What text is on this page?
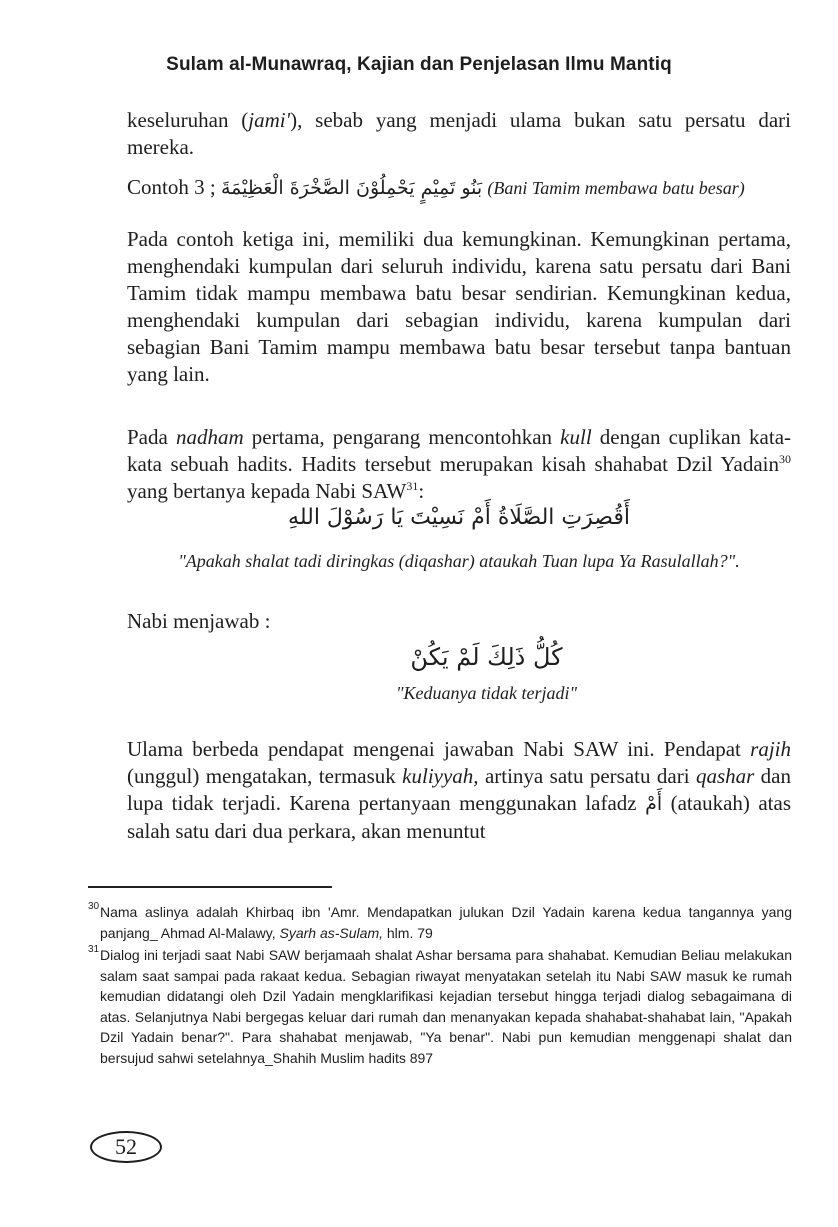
Sulam al-Munawraq, Kajian dan Penjelasan Ilmu Mantiq
keseluruhan (jami'), sebab yang menjadi ulama bukan satu persatu dari mereka.
Contoh 3 ; بَنُو تَمِيْمٍ يَحْمِلُوْنَ الصَّخْرَةَ الْعَظِيْمَةَ (Bani Tamim membawa batu besar)
Pada contoh ketiga ini, memiliki dua kemungkinan. Kemungkinan pertama, menghendaki kumpulan dari seluruh individu, karena satu persatu dari Bani Tamim tidak mampu membawa batu besar sendirian. Kemungkinan kedua, menghendaki kumpulan dari sebagian individu, karena kumpulan dari sebagian Bani Tamim mampu membawa batu besar tersebut tanpa bantuan yang lain.
Pada nadham pertama, pengarang mencontohkan kull dengan cuplikan kata-kata sebuah hadits. Hadits tersebut merupakan kisah shahabat Dzil Yadain$^{30}$ yang bertanya kepada Nabi SAW$^{31}$:
أَقُصِرَتِ الصَّلَاةُ أَمْ نَسِيْتَ يَا رَسُوْلَ اللهِ
"Apakah shalat tadi diringkas (diqashar) ataukah Tuan lupa Ya Rasulallah?".
Nabi menjawab :
كُلُّ ذَلِكَ لَمْ يَكُنْ
"Keduanya tidak terjadi"
Ulama berbeda pendapat mengenai jawaban Nabi SAW ini. Pendapat rajih (unggul) mengatakan, termasuk kuliyyah, artinya satu persatu dari qashar dan lupa tidak terjadi. Karena pertanyaan menggunakan lafadz أَمْ (ataukah) atas salah satu dari dua perkara, akan menuntut
30 Nama aslinya adalah Khirbaq ibn 'Amr. Mendapatkan julukan Dzil Yadain karena kedua tangannya yang panjang_ Ahmad Al-Malawy, Syarh as-Sulam, hlm. 79
31 Dialog ini terjadi saat Nabi SAW berjamaah shalat Ashar bersama para shahabat. Kemudian Beliau melakukan salam saat sampai pada rakaat kedua. Sebagian riwayat menyatakan setelah itu Nabi SAW masuk ke rumah kemudian didatangi oleh Dzil Yadain mengklarifikasi kejadian tersebut hingga terjadi dialog sebagaimana di atas. Selanjutnya Nabi bergegas keluar dari rumah dan menanyakan kepada shahabat-shahabat lain, "Apakah Dzil Yadain benar?". Para shahabat menjawab, "Ya benar". Nabi pun kemudian menggenapi shalat dan bersujud sahwi setelahnya_Shahih Muslim hadits 897
52
